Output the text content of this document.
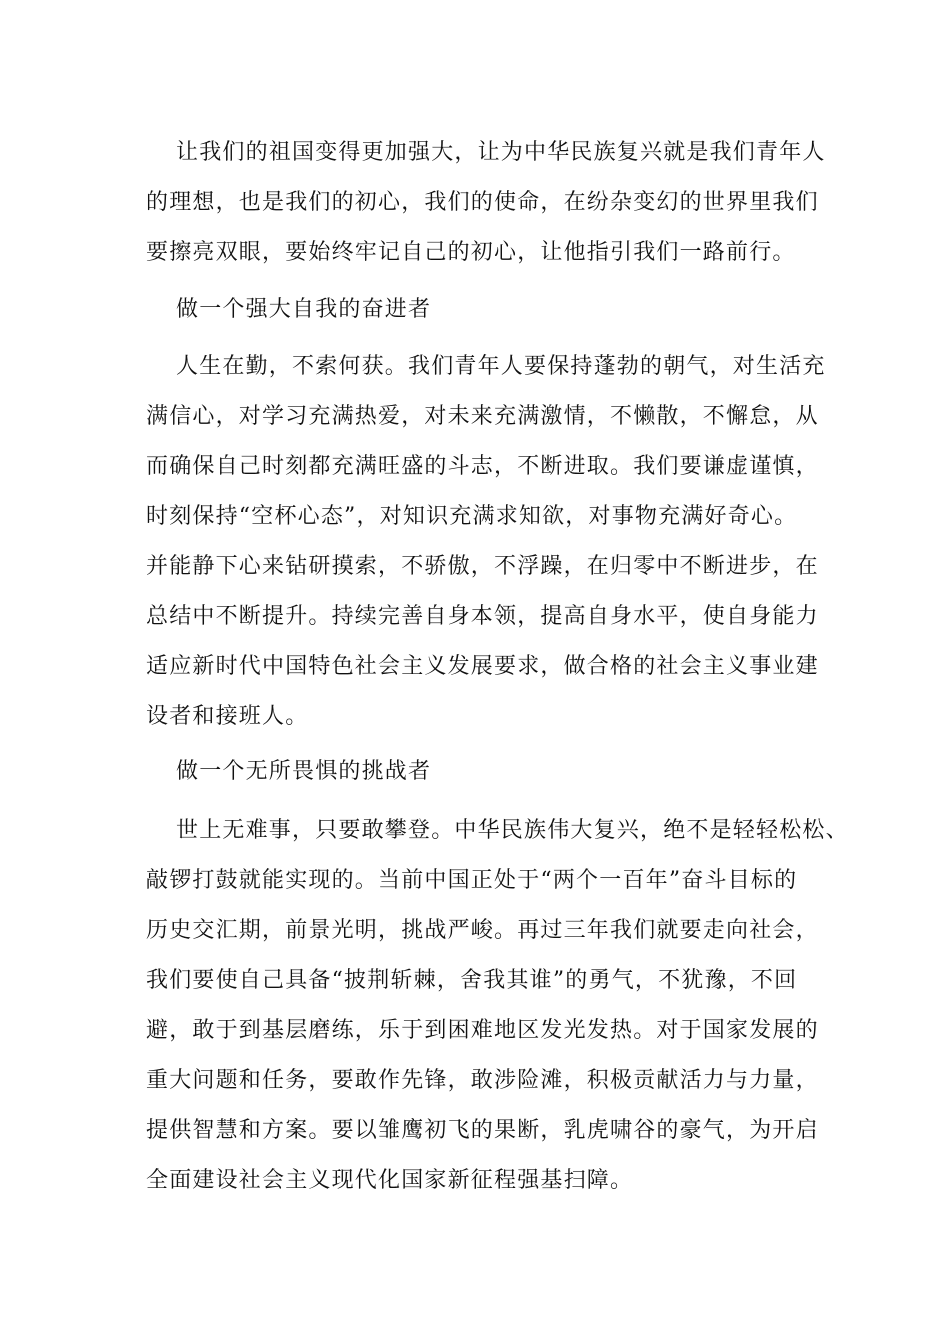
让我们的祖国变得更加强大，让为中华民族复兴就是我们青年人
的理想，也是我们的初心，我们的使命，在纷杂变幻的世界里我们
要擦亮双眼，要始终牢记自己的初心，让他指引我们一路前行。
做一个强大自我的奋进者
人生在勤，不索何获。我们青年人要保持蓬勃的朝气，对生活充
满信心，对学习充满热爱，对未来充满激情，不懒散，不懈怠，从
而确保自己时刻都充满旺盛的斗志，不断进取。我们要谦虚谨慎，
时刻保持“空杯心态”，对知识充满求知欲，对事物充满好奇心。
并能静下心来钻研摸索，不骄傲，不浮躁，在归零中不断进步，在
总结中不断提升。持续完善自身本领，提高自身水平，使自身能力
适应新时代中国特色社会主义发展要求，做合格的社会主义事业建
设者和接班人。
做一个无所畏惧的挑战者
世上无难事，只要敢攀登。中华民族伟大复兴，绝不是轻轻松松、
敲锣打鼓就能实现的。当前中国正处于“两个一百年”奋斗目标的
历史交汇期，前景光明，挑战严峻。再过三年我们就要走向社会，
我们要使自己具备“披荆斩棘，舍我其谁”的勇气，不犹豫，不回
避，敢于到基层磨练，乐于到困难地区发光发热。对于国家发展的
重大问题和任务，要敢作先锋，敢涉险滩，积极贡献活力与力量，
提供智慧和方案。要以雏鹰初飞的果断，乳虎啸谷的豪气，为开启
全面建设社会主义现代化国家新征程强基扫障。
